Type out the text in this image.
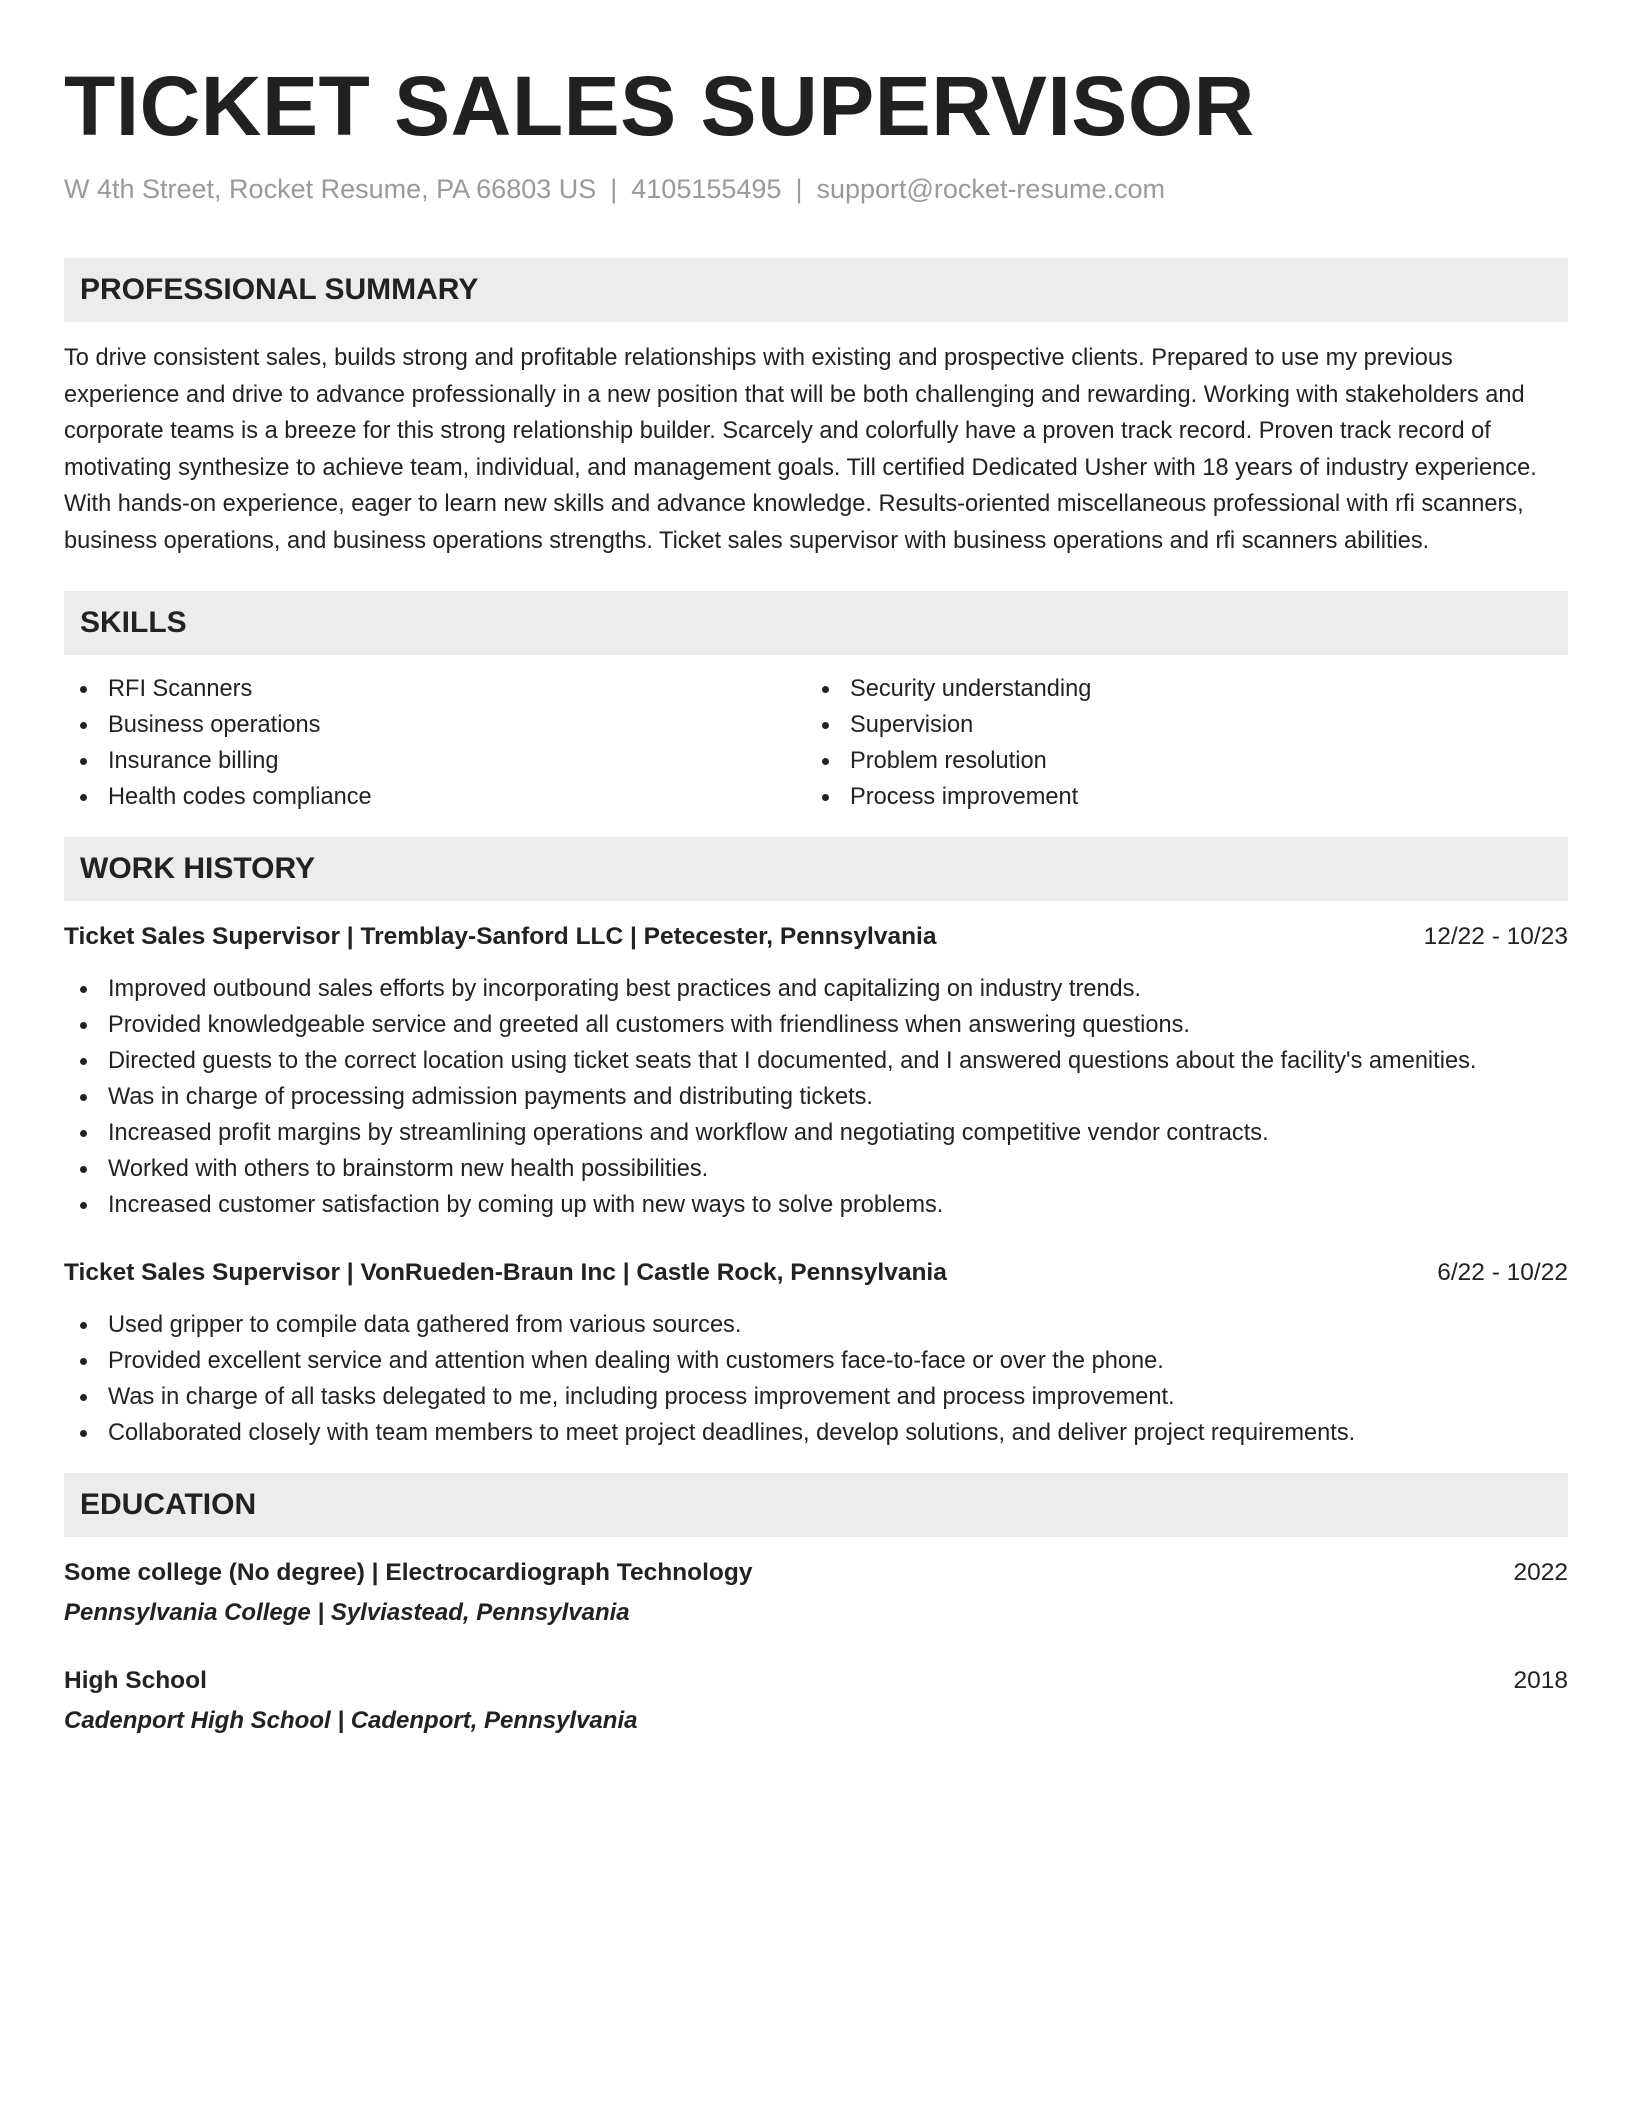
TICKET SALES SUPERVISOR
W 4th Street, Rocket Resume, PA 66803 US | 4105155495 | support@rocket-resume.com
PROFESSIONAL SUMMARY

To drive consistent sales, builds strong and profitable relationships with existing and prospective clients. Prepared to use my previous experience and drive to advance professionally in a new position that will be both challenging and rewarding. Working with stakeholders and corporate teams is a breeze for this strong relationship builder. Scarcely and colorfully have a proven track record. Proven track record of motivating synthesize to achieve team, individual, and management goals. Till certified Dedicated Usher with 18 years of industry experience. With hands-on experience, eager to learn new skills and advance knowledge. Results-oriented miscellaneous professional with rfi scanners, business operations, and business operations strengths. Ticket sales supervisor with business operations and rfi scanners abilities.

SKILLS
RFI Scanners
Business operations
Insurance billing
Health codes compliance
Security understanding
Supervision
Problem resolution
Process improvement
WORK HISTORY
Ticket Sales Supervisor | Tremblay-Sanford LLC | Petecester, Pennsylvania	12/22 - 10/23
Improved outbound sales efforts by incorporating best practices and capitalizing on industry trends.
Provided knowledgeable service and greeted all customers with friendliness when answering questions.
Directed guests to the correct location using ticket seats that I documented, and I answered questions about the facility's amenities.
Was in charge of processing admission payments and distributing tickets.
Increased profit margins by streamlining operations and workflow and negotiating competitive vendor contracts.
Worked with others to brainstorm new health possibilities.
Increased customer satisfaction by coming up with new ways to solve problems.
Ticket Sales Supervisor | VonRueden-Braun Inc | Castle Rock, Pennsylvania	6/22 - 10/22
Used gripper to compile data gathered from various sources.
Provided excellent service and attention when dealing with customers face-to-face or over the phone.
Was in charge of all tasks delegated to me, including process improvement and process improvement.
Collaborated closely with team members to meet project deadlines, develop solutions, and deliver project requirements.
EDUCATION
Some college (No degree) | Electrocardiograph Technology	2022
Pennsylvania College | Sylviastead, Pennsylvania
High School	2018
Cadenport High School | Cadenport, Pennsylvania
